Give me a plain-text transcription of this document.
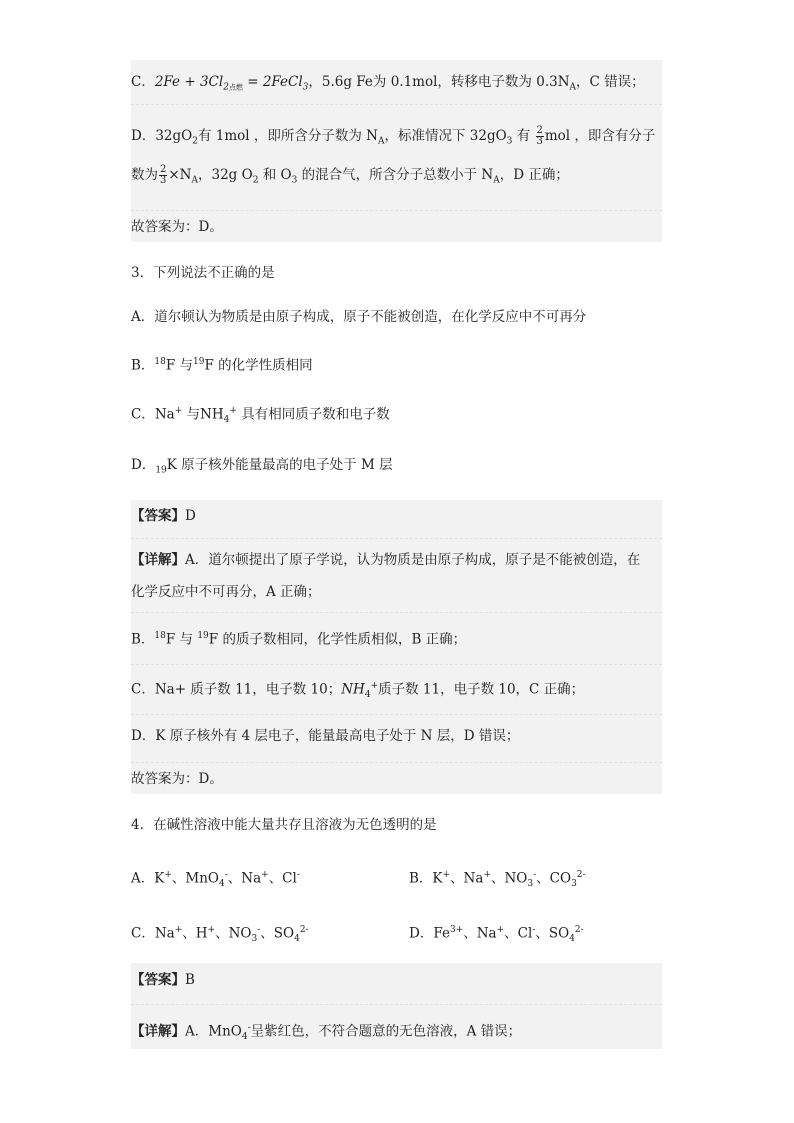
C．$2Fe + 3Cl_{2点燃}$ = 2FeCl$_3$，5.6g Fe为 0.1mol，转移电子数为 $0.3N_A$，C 错误；
D．$32gO_2$有 1mol ，即所含分子数为 $N_A$，标准情况下 $32gO_3$ 有 $\frac{2}{3}$ mol ，即含有分子
数为 $\frac{2}{3} \times N_A$，32g $O_2$ 和 $O_3$ 的混合气，所含分子总数小于 $N_A$，D 正确；
故答案为：D。
3．下列说法不正确的是
A．道尔顿认为物质是由原子构成，原子不能被创造，在化学反应中不可再分
B．$^{18}$F 与$^{19}$F 的化学性质相同
C．Na+ 与$NH_4^+$ 具有相同质子数和电子数
D．$_{19}$K 原子核外能量最高的电子处于 M 层
【答案】D
【详解】A．道尔顿提出了原子学说，认为物质是由原子构成，原子是不能被创造，在
化学反应中不可再分，A 正确；
B．$^{18}$F 与 $^{19}$F 的质子数相同，化学性质相似，B 正确；
C．Na+ 质子数 11，电子数 10；$NH_4^+$质子数 11，电子数 10，C 正确；
D．K 原子核外有 4 层电子，能量最高电子处于 N 层，D 错误；
故答案为：D。
4．在碱性溶液中能大量共存且溶液为无色透明的是
A．K+、MnO$_4$-、Na+、Cl-	B．K+、Na+、$NO_3^-$、$CO_3^{2-}$
C．Na+、H+、$NO_3^-$、$SO_4^{2-}$	D．$Fe^{3+}$、Na+、Cl-、$SO_4^{2-}$
【答案】B
【详解】A．MnO$_4$-呈紫红色，不符合题意的无色溶液，A 错误；
